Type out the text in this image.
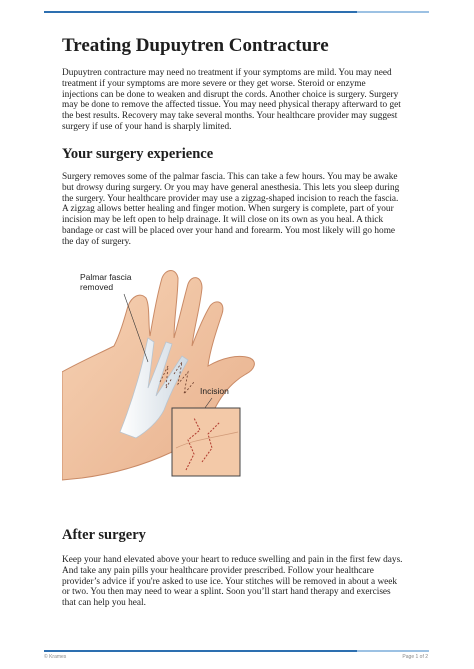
Treating Dupuytren Contracture
Dupuytren contracture may need no treatment if your symptoms are mild. You may need
treatment if your symptoms are more severe or they get worse. Steroid or enzyme
injections can be done to weaken and disrupt the cords. Another choice is surgery. Surgery
may be done to remove the affected tissue. You may need physical therapy afterward to get
the best results. Recovery may take several months. Your healthcare provider may suggest
surgery if use of your hand is sharply limited.
Your surgery experience
Surgery removes some of the palmar fascia. This can take a few hours. You may be awake
but drowsy during surgery. Or you may have general anesthesia. This lets you sleep during
the surgery. Your healthcare provider may use a zigzag-shaped incision to reach the fascia.
A zigzag allows better healing and finger motion. When surgery is complete, part of your
incision may be left open to help drainage. It will close on its own as you heal. A thick
bandage or cast will be placed over your hand and forearm. You most likely will go home
the day of surgery.
Palmar fascia
removed
Incision
After surgery
Keep your hand elevated above your heart to reduce swelling and pain in the first few days.
And take any pain pills your healthcare provider prescribed. Follow your healthcare
provider’s advice if you're asked to use ice. Your stitches will be removed in about a week
or two. You then may need to wear a splint. Soon you’ll start hand therapy and exercises
that can help you heal.
© Krames	Page 1 of 2
